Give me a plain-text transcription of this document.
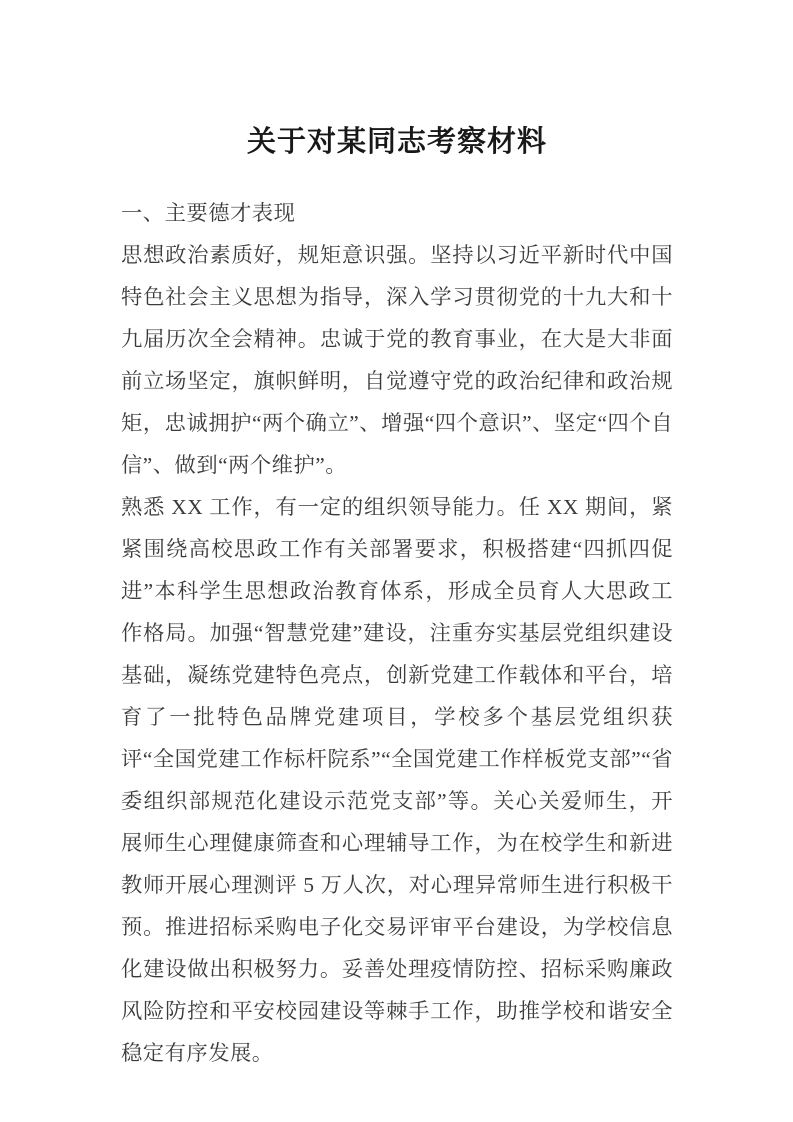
关于对某同志考察材料
一、主要德才表现

思想政治素质好，规矩意识强。坚持以习近平新时代中国特色社会主义思想为指导，深入学习贯彻党的十九大和十九届历次全会精神。忠诚于党的教育事业，在大是大非面前立场坚定，旗帜鲜明，自觉遵守党的政治纪律和政治规矩，忠诚拥护“两个确立”、增强“四个意识”、坚定“四个自信”、做到“两个维护”。

熟悉 XX 工作，有一定的组织领导能力。任 XX 期间，紧紧围绕高校思政工作有关部署要求，积极搭建“四抓四促进”本科学生思想政治教育体系，形成全员育人大思政工作格局。加强“智慧党建”建设，注重夯实基层党组织建设基础，凝练党建特色亮点，创新党建工作载体和平台，培育了一批特色品牌党建项目，学校多个基层党组织获评“全国党建工作标杆院系”“全国党建工作样板党支部”“省委组织部规范化建设示范党支部”等。关心关爱师生，开展师生心理健康筛查和心理辅导工作，为在校学生和新进教师开展心理测评 5 万人次，对心理异常师生进行积极干预。推进招标采购电子化交易评审平台建设，为学校信息化建设做出积极努力。妥善处理疫情防控、招标采购廉政风险防控和平安校园建设等棘手工作，助推学校和谐安全稳定有序发展。
